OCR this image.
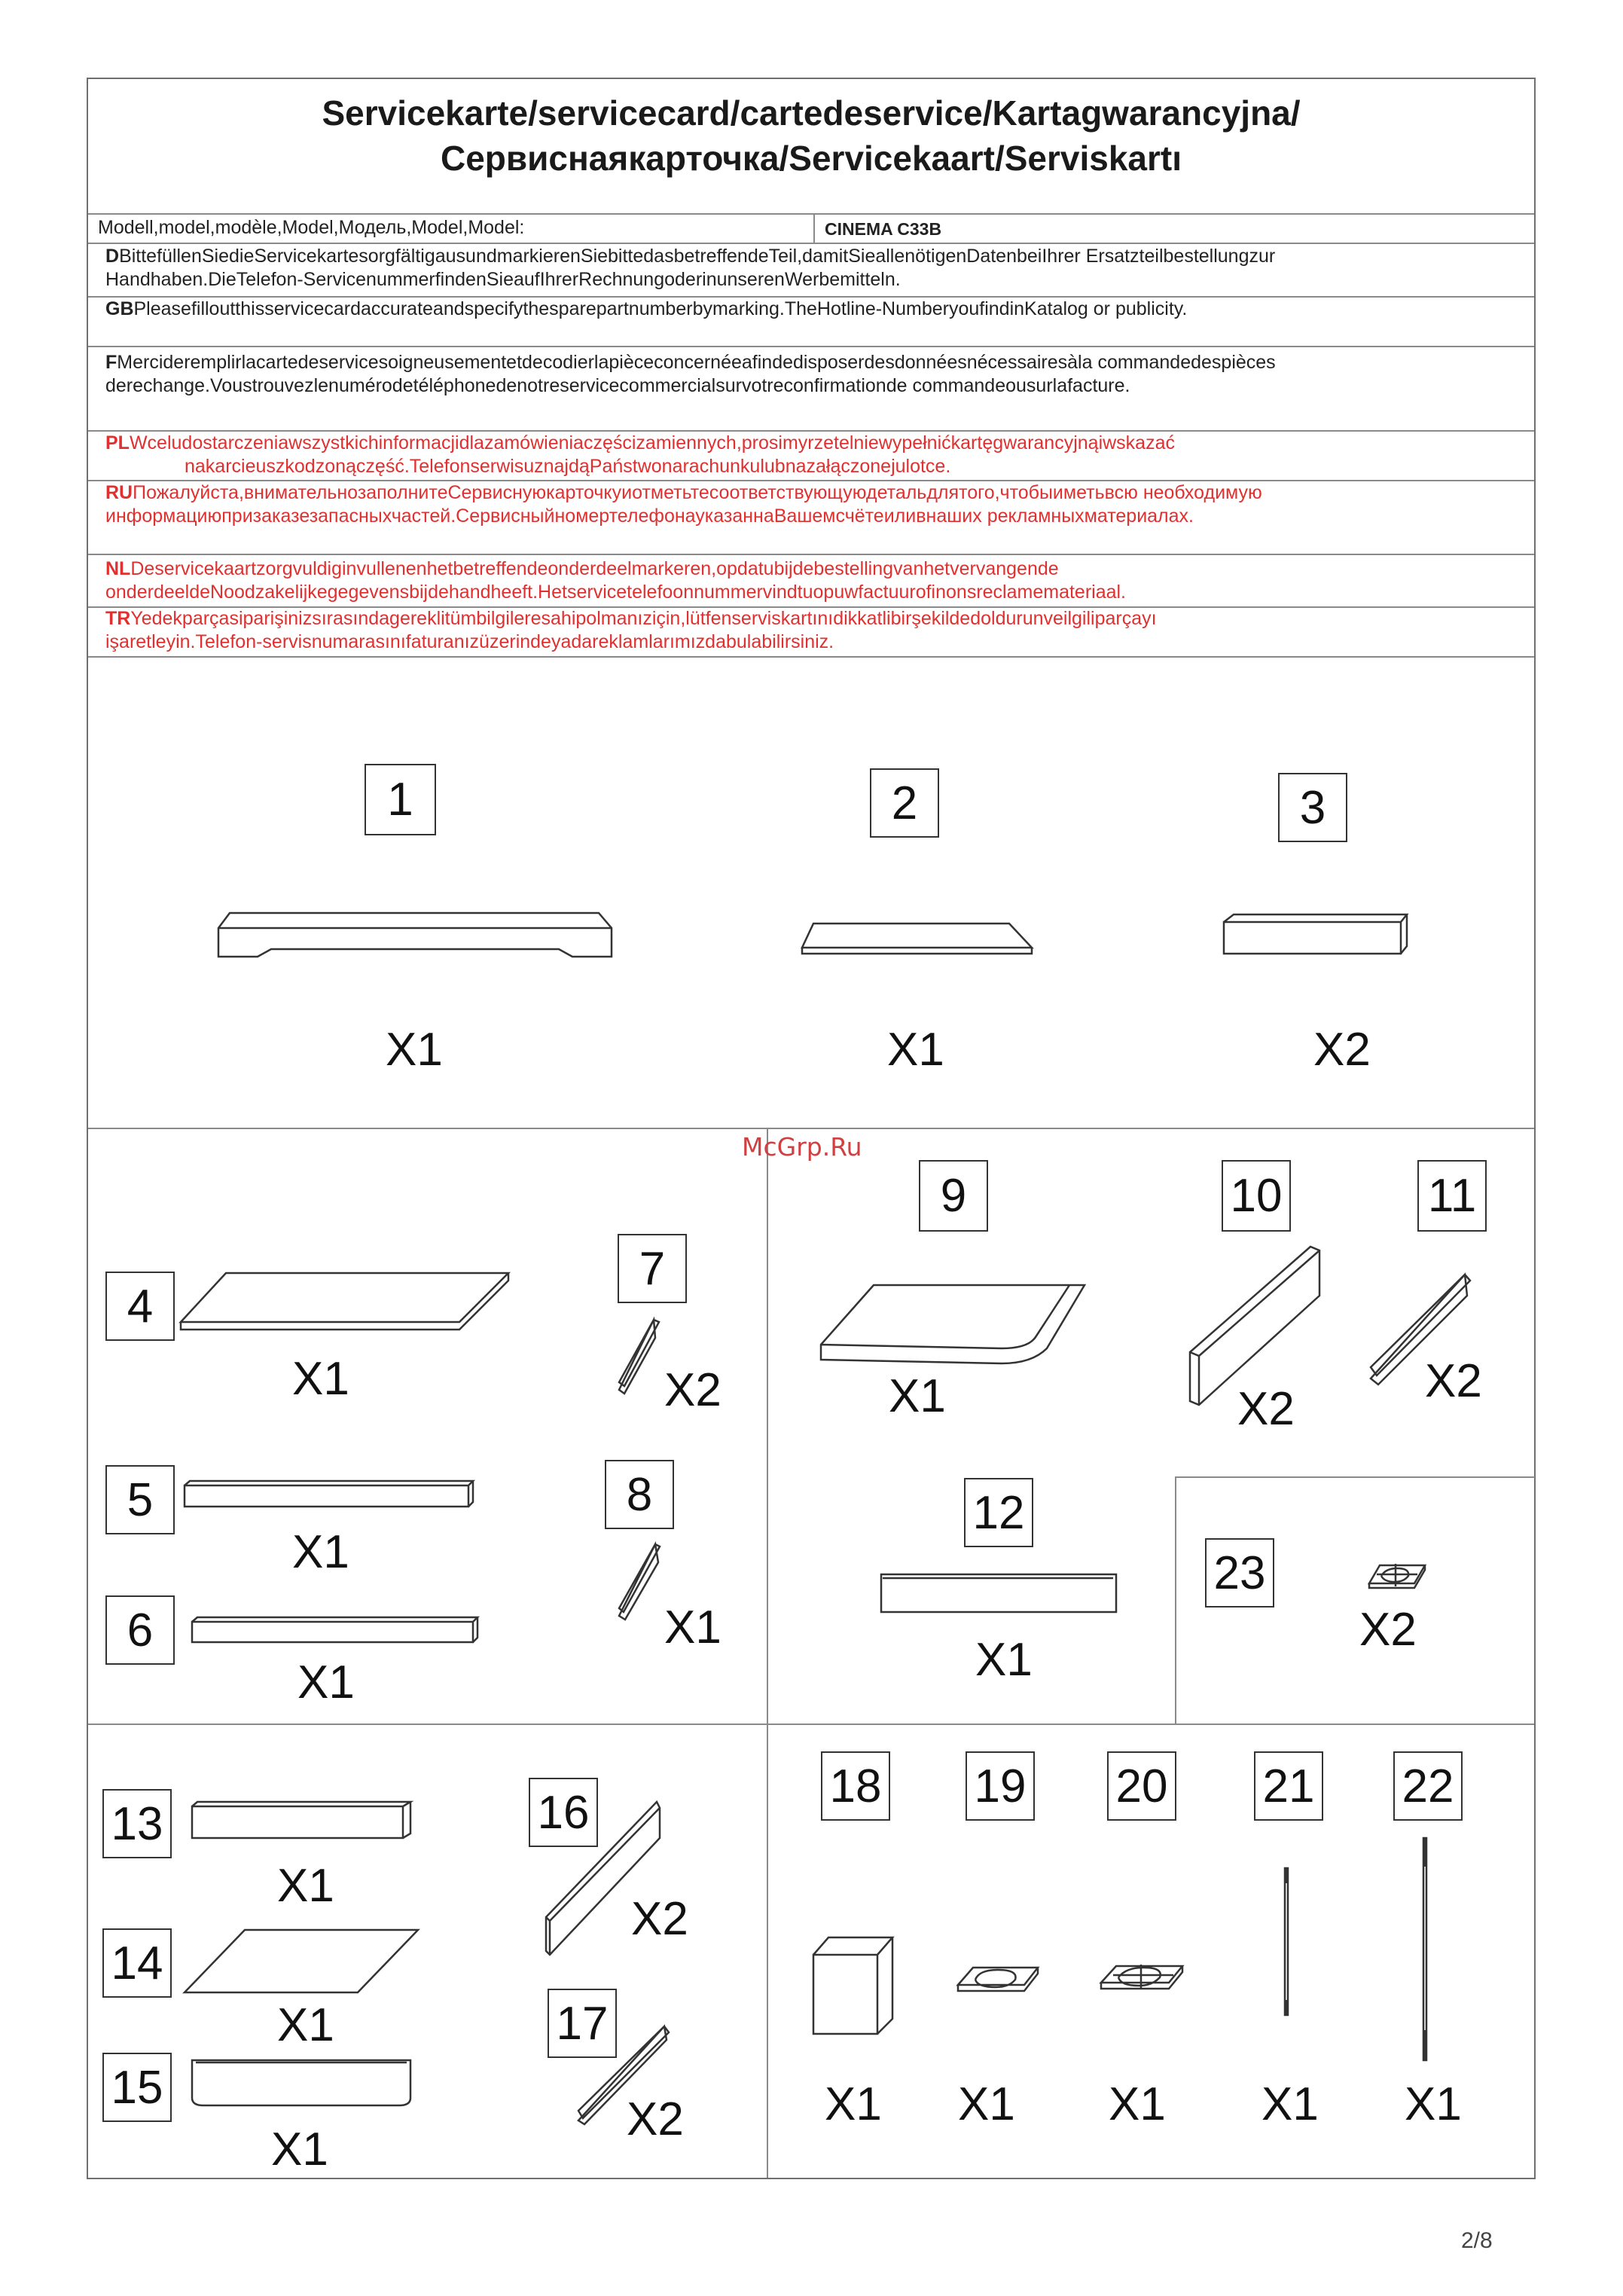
Servicekarte/servicecard/cartedeservice/Kartagwarancyjna/
Сервиснаякарточка/Servicekaart/Serviskartı
Modell,model,modèle,Model,Модель,Model,Model:	CINEMA C33B
DBittefüllenSiedieServicekartesorgfältigausundmarkierenSiebittedasbetreffendeTeil,damitSieallenötigenDatenbeiIhrer Ersatzteilbestellungzur
Handhaben.DieTelefon-ServicenummerfindenSieaufIhrerRechnungoderinunserenWerbemitteln.
GBPleasefilloutthisservicecardaccurateandspecifythesparepartnumberbymarking.TheHotline-NumberyoufindinKatalog or publicity.
FMercideremplirlacartedeservicesoigneusementetdecodierlapièceconcernéeafindedisposerdesdonnéesnécessairesàla commandedespièces
derechange.Voustrouvezlenumérodetéléphonedenotreservicecommercialsurvotreconfirmationde commandeousurlafacture.
PLWceludostarczeniawszystkichinformacjidlazamówieniaczęścizamiennych,prosimyrzetelniewypełnićkartęgwarancyjnąiwskazać
nakarcieuszkodzonączęść.TelefonserwisuznajdąPaństwonarachunkulubnazałączonejulotce.
RUПожалуйста,внимательнозаполнитеСервиснуюкарточкуиотметьтесоответствующуюдетальдлятого,чтобыиметьвсю необходимую
информациюпризаказезапасныхчастей.СервисныйномертелефонауказаннаВашемсчётеиливнаших рекламныхматериалах.
NLDeservicekaartzorgvuldiginvullenenhetbetreffendeonderdeelmarkeren,opdatubijdebestellingvanhetvervangende
onderdeeldeNoodzakelijkegegevensbijdehandheeft.Hetservicetelefoonnummervindtuopuwfactuurofinonsreclamemateriaal.
TRYedekparçasiparişinizsırasındagereklitümbilgileresahipolmanıziçin,lütfenserviskartınıdikkatlibirşekildedoldurunveilgiliparçayı
işaretleyin.Telefon-servisnumarasınıfaturanızüzerindeyadareklamlarımızdabulabilirsiniz.
1	2	3
4
5
6
7
8
9	10	11
12
13
14
15
16
17
18 19 20 21 22
23
X1	X1	X2
X1
X1
X1
X2
X1
X1	X2
X2
X1
X1
X1
X1
X2
X2	X1 X1 X1 X1 X1
X2
McGrp.Ru
2/8
